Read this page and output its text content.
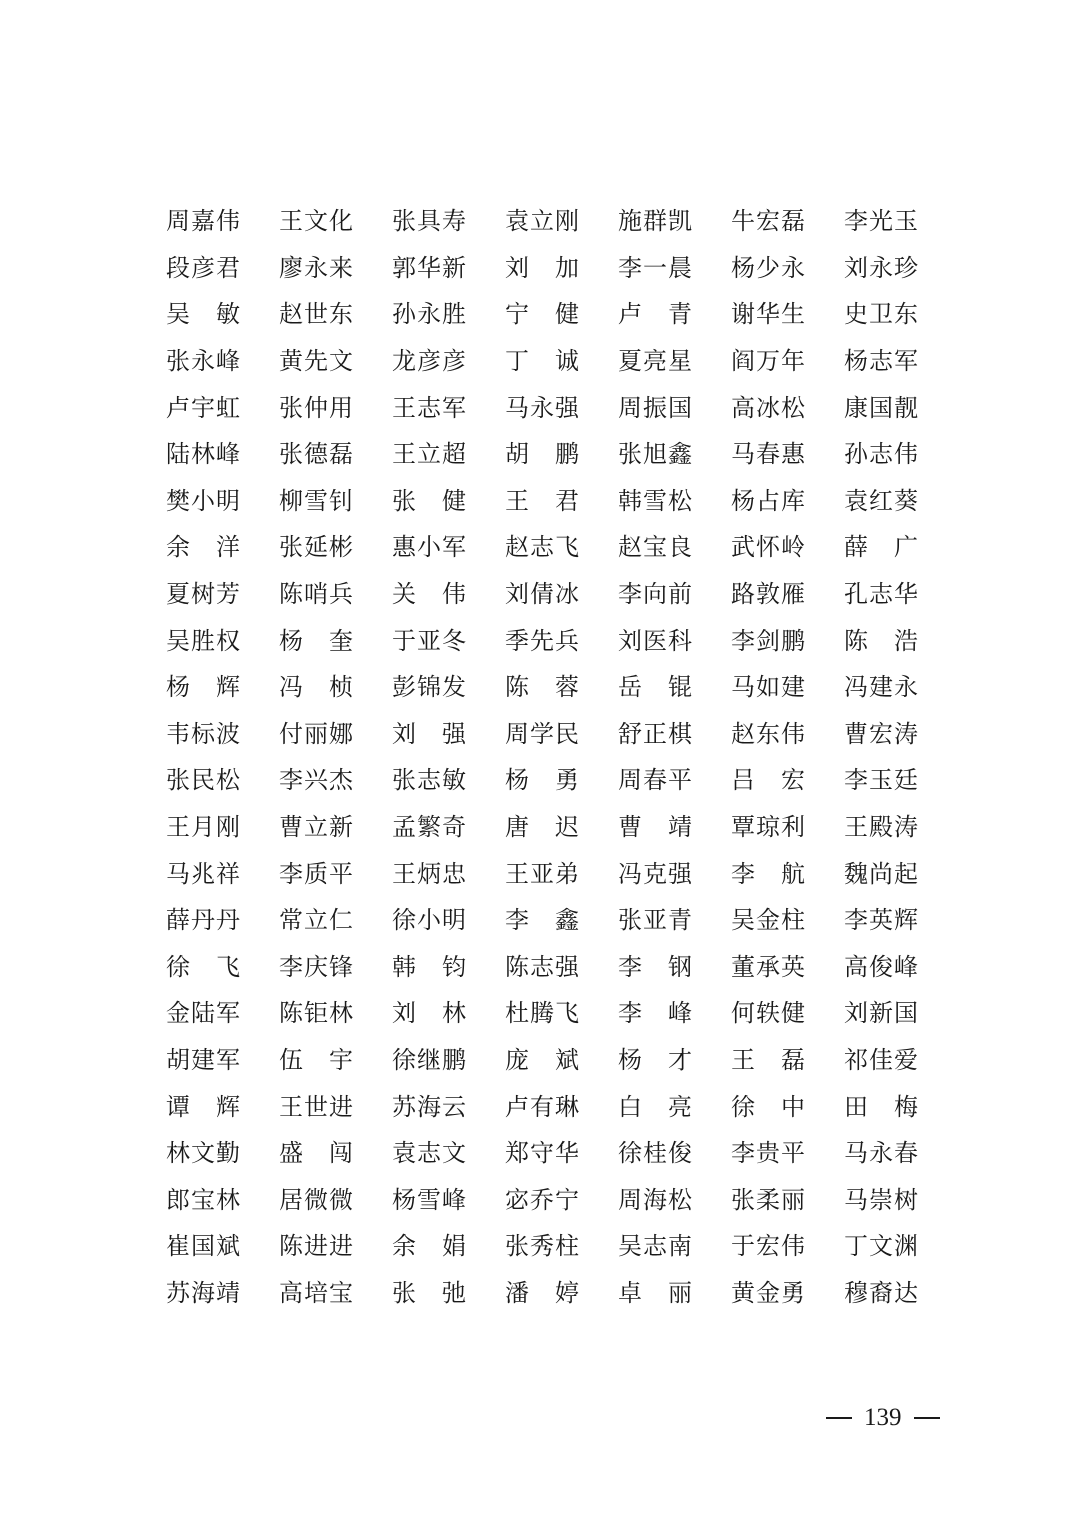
周嘉伟	王文化	张具寿	袁立刚	施群凯	牛宏磊	李光玉
段彦君	廖永来	郭华新	刘 加 李一晨	杨少永	刘永珍
吴 敏 赵世东	孙永胜	宁 健 卢 青 谢华生	史卫东
张永峰	黄先文	龙彦彦	丁 诚 夏亮星	阎万年	杨志军
卢宇虹	张仲用	王志军	马永强	周振国	高冰松	康国靓
陆林峰	张德磊	王立超	胡 鹏 张旭鑫	马春惠	孙志伟
樊小明	柳雪钊	张 健 王 君 韩雪松	杨占库	袁红葵
余 洋 张延彬	惠小军	赵志飞	赵宝良	武怀岭	薛 广
夏树芳	陈哨兵	关 伟 刘倩冰	李向前	路敦雁	孔志华
吴胜权	杨 奎 于亚冬	季先兵	刘医科	李剑鹏	陈 浩
杨 辉 冯 桢 彭锦发	陈 蓉 岳 锟 马如建	冯建永
韦标波	付丽娜	刘 强 周学民	舒正棋	赵东伟	曹宏涛
张民松	李兴杰	张志敏	杨 勇 周春平	吕 宏 李玉廷
王月刚	曹立新	孟繁奇	唐 迟 曹 靖 覃琼利	王殿涛
马兆祥	李质平	王炳忠	王亚弟	冯克强	李 航 魏尚起
薛丹丹	常立仁	徐小明	李 鑫 张亚青	吴金柱	李英辉
徐 飞 李庆锋	韩 钧 陈志强	李 钢 董承英	高俊峰
金陆军	陈钜林	刘 林 杜腾飞	李 峰 何轶健	刘新国
胡建军	伍 宇 徐继鹏	庞 斌 杨 才 王 磊 祁佳爱
谭 辉 王世进	苏海云	卢有琳	白 亮 徐 中 田 梅
林文勤	盛 闯 袁志文	郑守华	徐桂俊	李贵平	马永春
郎宝林	居微微	杨雪峰	宓乔宁	周海松	张柔丽	马崇树
崔国斌	陈进进	余 娟 张秀柱	吴志南	于宏伟	丁文渊
苏海靖	高培宝	张 弛 潘 婷 卓 丽 黄金勇	穆裔达
139
